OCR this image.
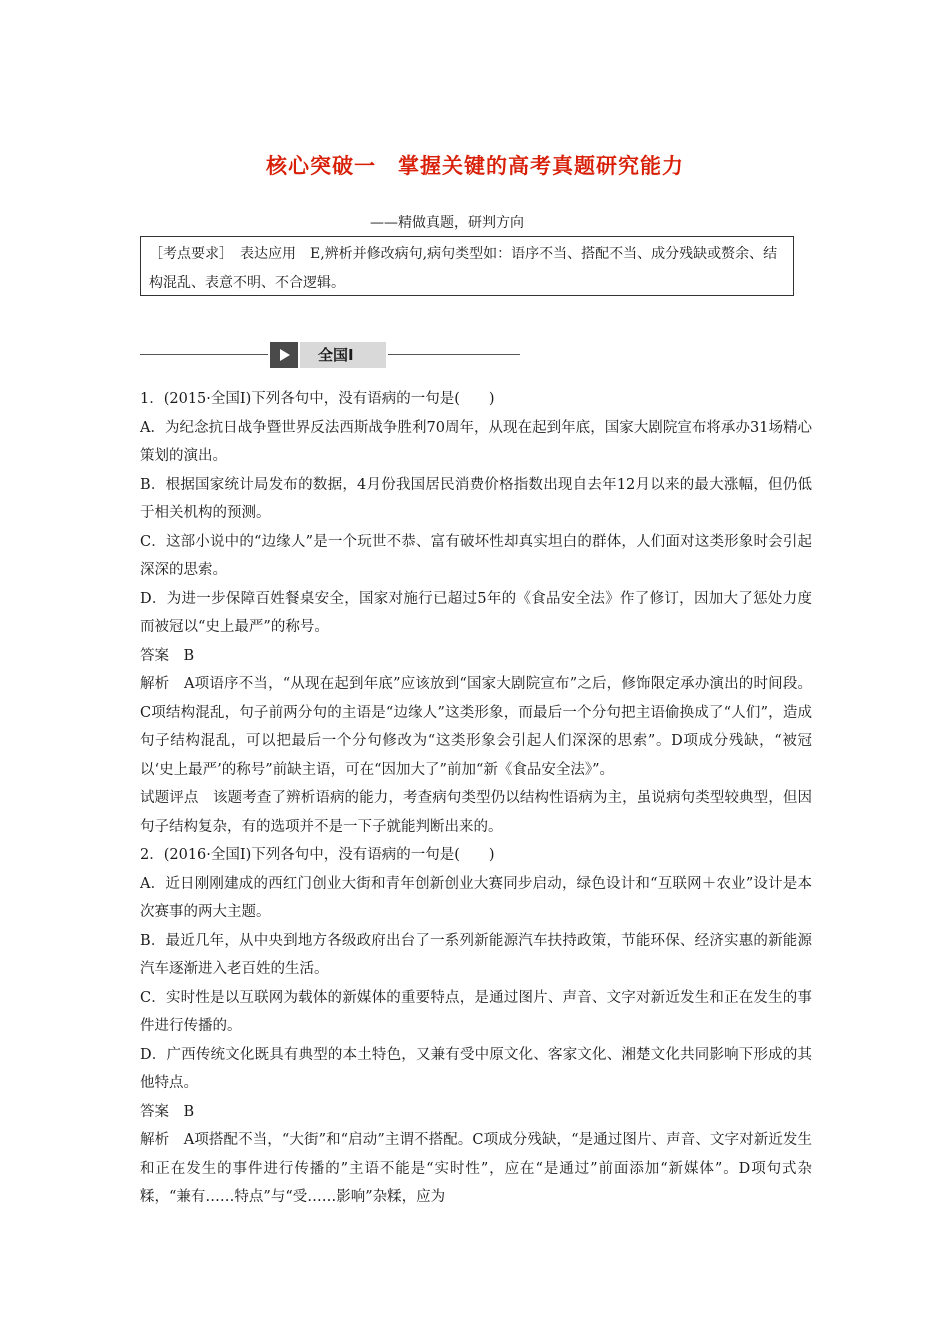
核心突破一　掌握关键的高考真题研究能力
——精做真题，研判方向
［考点要求］　表达应用　E,辨析并修改病句,病句类型如：语序不当、搭配不当、成分残缺或赘余、结构混乱、表意不明、不合逻辑。
全国Ⅰ

1．(2015·全国Ⅰ)下列各句中，没有语病的一句是(　　)

A．为纪念抗日战争暨世界反法西斯战争胜利70周年，从现在起到年底，国家大剧院宣布将承办31场精心策划的演出。

B．根据国家统计局发布的数据，4月份我国居民消费价格指数出现自去年12月以来的最大涨幅，但仍低于相关机构的预测。

C．这部小说中的“边缘人”是一个玩世不恭、富有破坏性却真实坦白的群体，人们面对这类形象时会引起深深的思索。

D．为进一步保障百姓餐桌安全，国家对施行已超过5年的《食品安全法》作了修订，因加大了惩处力度而被冠以“史上最严”的称号。

答案　B

解析　A项语序不当，“从现在起到年底”应该放到“国家大剧院宣布”之后，修饰限定承办演出的时间段。C项结构混乱，句子前两分句的主语是“边缘人”这类形象，而最后一个分句把主语偷换成了“人们”，造成句子结构混乱，可以把最后一个分句修改为“这类形象会引起人们深深的思索”。D项成分残缺，“被冠以‘史上最严’的称号”前缺主语，可在“因加大了”前加“新《食品安全法》”。

试题评点　该题考查了辨析语病的能力，考查病句类型仍以结构性语病为主，虽说病句类型较典型，但因句子结构复杂，有的选项并不是一下子就能判断出来的。

2．(2016·全国Ⅰ)下列各句中，没有语病的一句是(　　)

A．近日刚刚建成的西红门创业大街和青年创新创业大赛同步启动，绿色设计和“互联网＋农业”设计是本次赛事的两大主题。

B．最近几年，从中央到地方各级政府出台了一系列新能源汽车扶持政策，节能环保、经济实惠的新能源汽车逐渐进入老百姓的生活。

C．实时性是以互联网为载体的新媒体的重要特点，是通过图片、声音、文字对新近发生和正在发生的事件进行传播的。

D．广西传统文化既具有典型的本土特色，又兼有受中原文化、客家文化、湘楚文化共同影响下形成的其他特点。

答案　B

解析　A项搭配不当，“大街”和“启动”主谓不搭配。C项成分残缺，“是通过图片、声音、文字对新近发生和正在发生的事件进行传播的”主语不能是“实时性”，应在“是通过”前面添加“新媒体”。D项句式杂糅，“兼有……特点”与“受……影响”杂糅，应为
